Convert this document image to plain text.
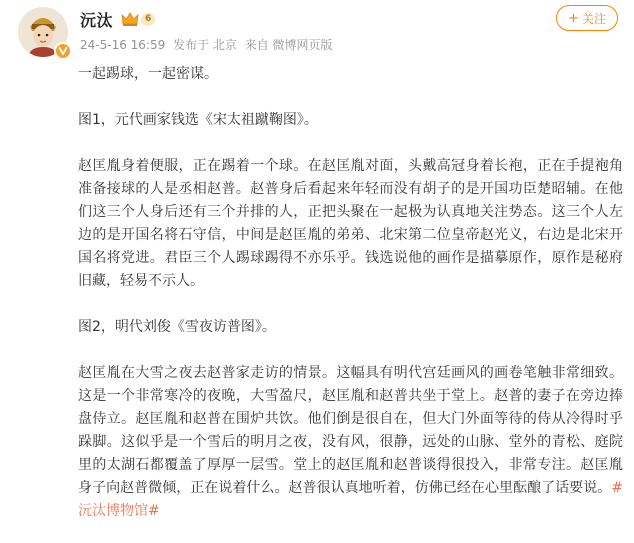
沅汰	6
24-5-16 16:59 发布于 北京 来自 微博网页版
+ 关注

一起踢球，一起密谋。

图1，元代画家钱选《宋太祖蹴鞠图》。

赵匡胤身着便服，正在踢着一个球。在赵匡胤对面，头戴高冠身着长袍，正在手提袍角准备接球的人是丞相赵普。赵普身后看起来年轻而没有胡子的是开国功臣楚昭辅。在他们这三个人身后还有三个并排的人，正把头聚在一起极为认真地关注势态。这三个人左边的是开国名将石守信，中间是赵匡胤的弟弟、北宋第二位皇帝赵光义，右边是北宋开国名将党进。君臣三个人踢球踢得不亦乐乎。钱选说他的画作是描摹原作，原作是秘府旧藏，轻易不示人。

图2，明代刘俊《雪夜访普图》。

赵匡胤在大雪之夜去赵普家走访的情景。这幅具有明代宫廷画风的画卷笔触非常细致。这是一个非常寒冷的夜晚，大雪盈尺，赵匡胤和赵普共坐于堂上。赵普的妻子在旁边捧盘侍立。赵匡胤和赵普在围炉共饮。他们倒是很自在，但大门外面等待的侍从冷得时乎跺脚。这似乎是一个雪后的明月之夜，没有风，很静，远处的山脉、堂外的青松、庭院里的太湖石都覆盖了厚厚一层雪。堂上的赵匡胤和赵普谈得很投入，非常专注。赵匡胤身子向赵普微倾，正在说着什么。赵普很认真地听着，仿佛已经在心里酝酿了话要说。#沅汰博物馆#
